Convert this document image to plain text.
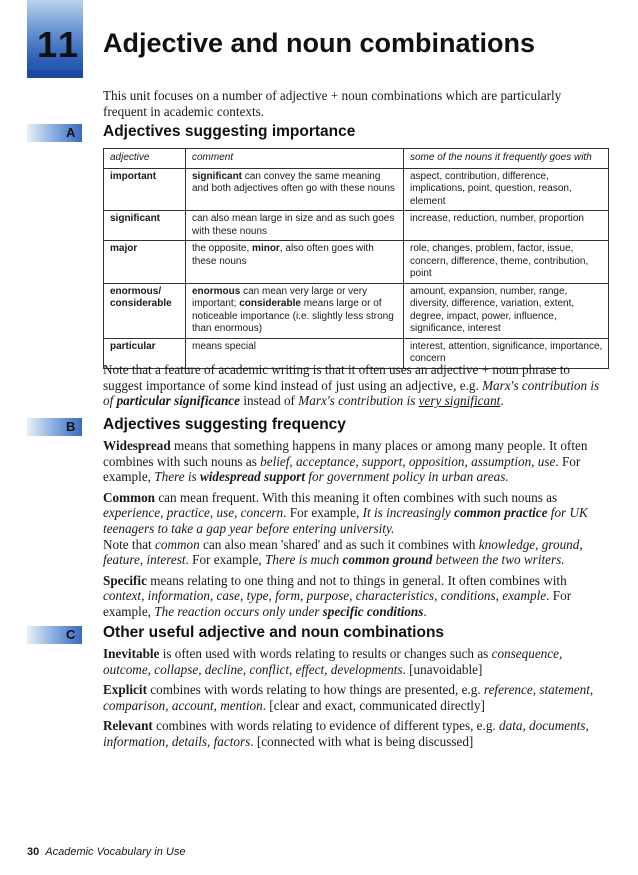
11 Adjective and noun combinations
This unit focuses on a number of adjective + noun combinations which are particularly frequent in academic contexts.
A Adjectives suggesting importance
adjective	comment	some of the nouns it frequently goes with
important	significant can convey the same meaning and both adjectives often go with these nouns	aspect, contribution, difference, implications, point, question, reason, element
significant	can also mean large in size and as such goes with these nouns	increase, reduction, number, proportion
major	the opposite, minor, also often goes with these nouns	role, changes, problem, factor, issue, concern, difference, theme, contribution, point
enormous/ considerable	enormous can mean very large or very important; considerable means large or of noticeable importance (i.e. slightly less strong than enormous)	amount, expansion, number, range, diversity, difference, variation, extent, degree, impact, power, influence, significance, interest
particular	means special	interest, attention, significance, importance, concern
Note that a feature of academic writing is that it often uses an adjective + noun phrase to suggest importance of some kind instead of just using an adjective, e.g. Marx's contribution is of particular significance instead of Marx's contribution is very significant.
B Adjectives suggesting frequency

Widespread means that something happens in many places or among many people. It often combines with such nouns as belief, acceptance, support, opposition, assumption, use. For example, There is widespread support for government policy in urban areas.

Common can mean frequent. With this meaning it often combines with such nouns as experience, practice, use, concern. For example, It is increasingly common practice for UK teenagers to take a gap year before entering university.

Note that common can also mean 'shared' and as such it combines with knowledge, ground, feature, interest. For example, There is much common ground between the two writers.

Specific means relating to one thing and not to things in general. It often combines with context, information, case, type, form, purpose, characteristics, conditions, example. For example, The reaction occurs only under specific conditions.

C Other useful adjective and noun combinations

Inevitable is often used with words relating to results or changes such as consequence, outcome, collapse, decline, conflict, effect, developments. [unavoidable]

Explicit combines with words relating to how things are presented, e.g. reference, statement, comparison, account, mention. [clear and exact, communicated directly]

Relevant combines with words relating to evidence of different types, e.g. data, documents, information, details, factors. [connected with what is being discussed]

30 Academic Vocabulary in Use
